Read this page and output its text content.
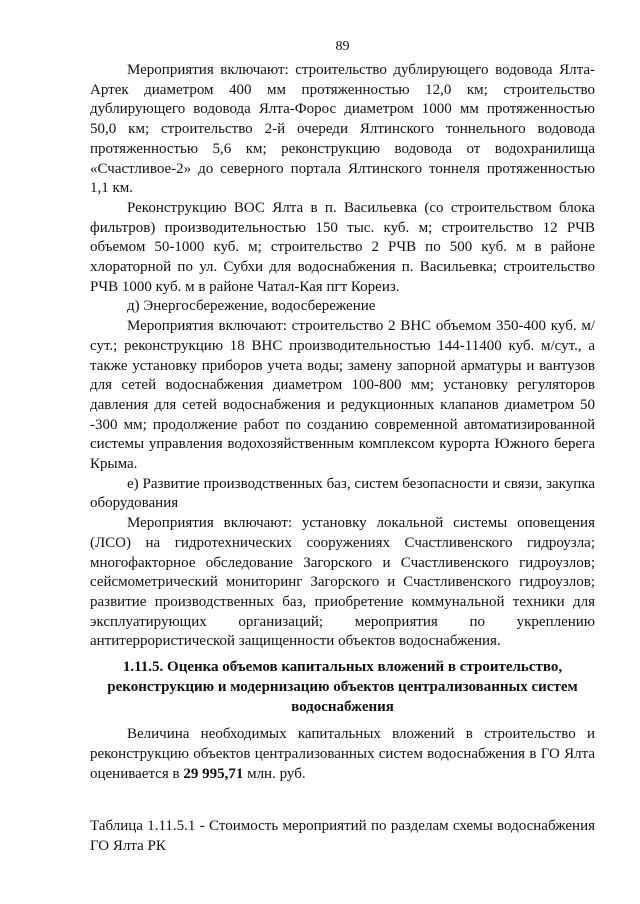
89

Мероприятия включают: строительство дублирующего водовода Ялта-Артек диаметром 400 мм протяженностью 12,0 км; строительство дублирующего водовода Ялта-Форос диаметром 1000 мм протяженностью 50,0 км; строительство 2-й очереди Ялтинского тоннельного водовода протяженностью 5,6 км; реконструкцию водовода от водохранилища «Счастливое-2» до северного портала Ялтинского тоннеля протяженностью 1,1 км.

Реконструкцию ВОС Ялта в п. Васильевка (со строительством блока фильтров) производительностью 150 тыс. куб. м; строительство 12 РЧВ объемом 50-1000 куб. м; строительство 2 РЧВ по 500 куб. м в районе хлораторной по ул. Субхи для водоснабжения п. Васильевка; строительство РЧВ 1000 куб. м в районе Чатал-Кая пгт Кореиз.

д) Энергосбережение, водосбережение

Мероприятия включают: строительство 2 ВНС объемом 350-400 куб. м/сут.; реконструкцию 18 ВНС производительностью 144-11400 куб. м/сут., а также установку приборов учета воды; замену запорной арматуры и вантузов для сетей водоснабжения диаметром 100-800 мм; установку регуляторов давления для сетей водоснабжения и редукционных клапанов диаметром 50 -300 мм; продолжение работ по созданию современной автоматизированной системы управления водохозяйственным комплексом курорта Южного берега Крыма.

е) Развитие производственных баз, систем безопасности и связи, закупка оборудования

Мероприятия включают: установку локальной системы оповещения (ЛСО) на гидротехнических сооружениях Счастливенского гидроузла; многофакторное обследование Загорского и Счастливенского гидроузлов; сейсмометрический мониторинг Загорского и Счастливенского гидроузлов; развитие производственных баз, приобретение коммунальной техники для эксплуатирующих организаций; мероприятия по укреплению антитеррористической защищенности объектов водоснабжения.

1.11.5. Оценка объемов капитальных вложений в строительство, реконструкцию и модернизацию объектов централизованных систем водоснабжения

Величина необходимых капитальных вложений в строительство и реконструкцию объектов централизованных систем водоснабжения в ГО Ялта оценивается в 29 995,71 млн. руб.

Таблица 1.11.5.1 - Стоимость мероприятий по разделам схемы водоснабжения ГО Ялта РК
